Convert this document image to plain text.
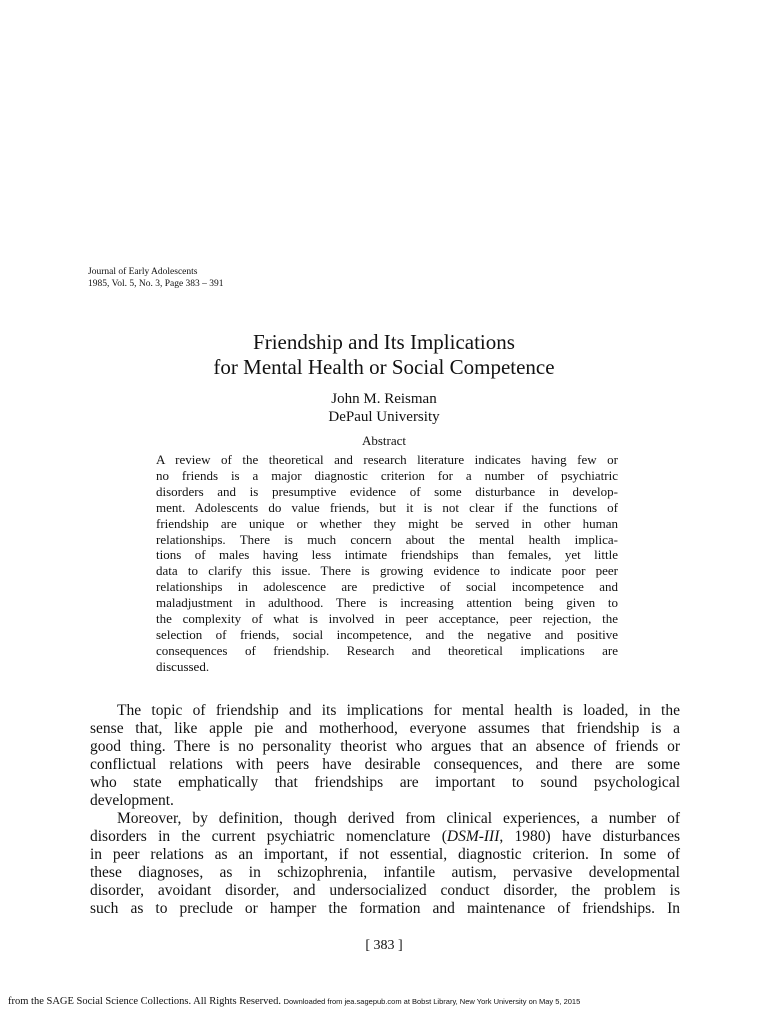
Journal of Early Adolescents
1985, Vol. 5, No. 3, Page 383 – 391
Friendship and Its Implications
for Mental Health or Social Competence
John M. Reisman
DePaul University
Abstract
A review of the theoretical and research literature indicates having few or
no friends is a major diagnostic criterion for a number of psychiatric
disorders and is presumptive evidence of some disturbance in develop-
ment. Adolescents do value friends, but it is not clear if the functions of
friendship are unique or whether they might be served in other human
relationships. There is much concern about the mental health implica-
tions of males having less intimate friendships than females, yet little
data to clarify this issue. There is growing evidence to indicate poor peer
relationships in adolescence are predictive of social incompetence and
maladjustment in adulthood. There is increasing attention being given to
the complexity of what is involved in peer acceptance, peer rejection, the
selection of friends, social incompetence, and the negative and positive
consequences of friendship. Research and theoretical implications are
discussed.
The topic of friendship and its implications for mental health is loaded, in the
sense that, like apple pie and motherhood, everyone assumes that friendship is a
good thing. There is no personality theorist who argues that an absence of friends or
conflictual relations with peers have desirable consequences, and there are some
who state emphatically that friendships are important to sound psychological
development.
Moreover, by definition, though derived from clinical experiences, a number of
disorders in the current psychiatric nomenclature (DSM-III, 1980) have disturbances
in peer relations as an important, if not essential, diagnostic criterion. In some of
these diagnoses, as in schizophrenia, infantile autism, pervasive developmental
disorder, avoidant disorder, and undersocialized conduct disorder, the problem is
such as to preclude or hamper the formation and maintenance of friendships. In
[ 383 ]
from the SAGE Social Science Collections. All Rights Reserved. Downloaded from jea.sagepub.com at Bobst Library, New York University on May 5, 2015
